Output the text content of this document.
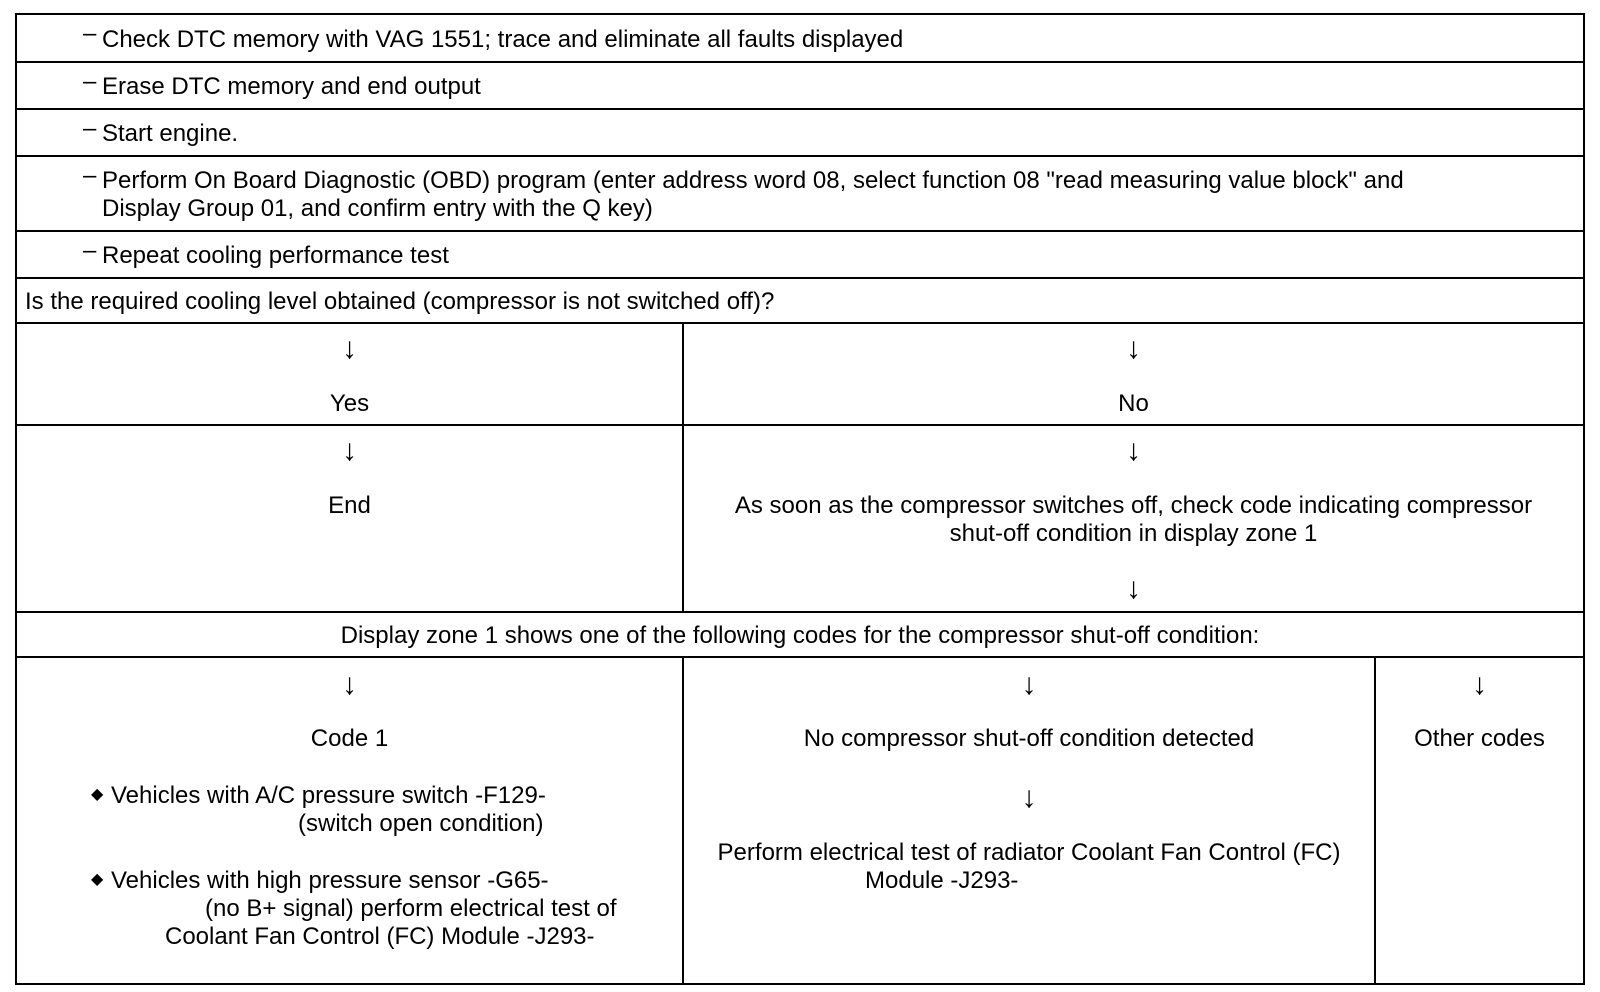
– Check DTC memory with VAG 1551; trace and eliminate all faults displayed
– Erase DTC memory and end output
– Start engine.
– Perform On Board Diagnostic (OBD) program (enter address word 08, select function 08 "read measuring value block" and
Display Group 01, and confirm entry with the Q key)
– Repeat cooling performance test
Is the required cooling level obtained (compressor is not switched off)?
↓
Yes
↓
No
↓
End
↓
As soon as the compressor switches off, check code indicating compressor
shut-off condition in display zone 1
↓
Display zone 1 shows one of the following codes for the compressor shut-off condition:
↓
Code 1
◆ Vehicles with A/C pressure switch -F129-
(switch open condition)
◆ Vehicles with high pressure sensor -G65-
(no B+ signal) perform electrical test of
Coolant Fan Control (FC) Module -J293-
↓
No compressor shut-off condition detected
↓
Perform electrical test of radiator Coolant Fan Control (FC)
Module -J293-
↓
Other codes
